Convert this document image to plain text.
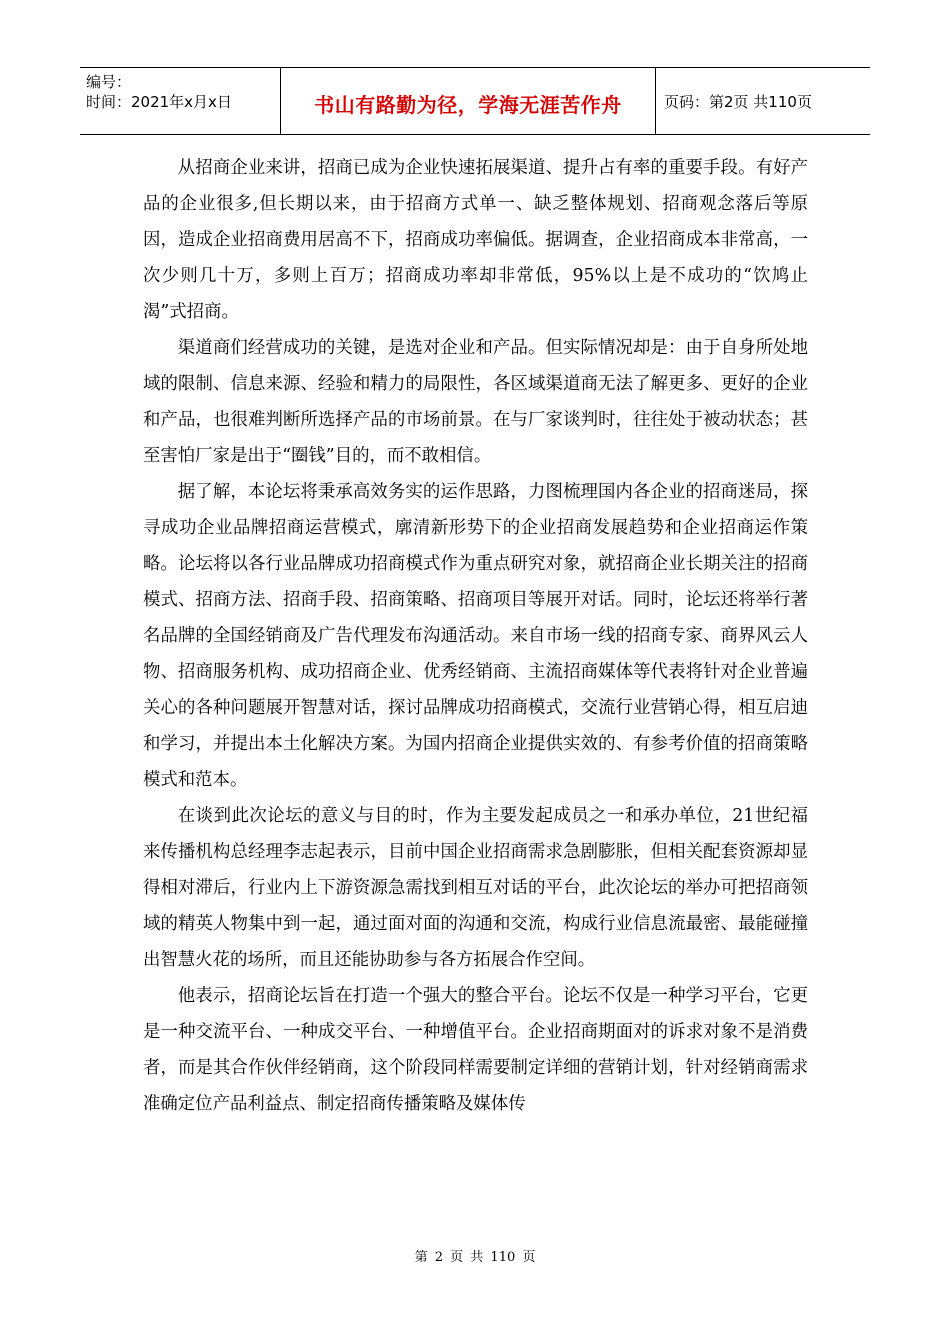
编号：
时间：2021年x月x日	书山有路勤为径，学海无涯苦作舟	页码：第2页 共110页

从招商企业来讲，招商已成为企业快速拓展渠道、提升占有率的重要手段。有好产品的企业很多,但长期以来，由于招商方式单一、缺乏整体规划、招商观念落后等原因，造成企业招商费用居高不下，招商成功率偏低。据调查，企业招商成本非常高，一次少则几十万，多则上百万；招商成功率却非常低，95%以上是不成功的“饮鸠止渴”式招商。

渠道商们经营成功的关键，是选对企业和产品。但实际情况却是：由于自身所处地域的限制、信息来源、经验和精力的局限性，各区域渠道商无法了解更多、更好的企业和产品，也很难判断所选择产品的市场前景。在与厂家谈判时，往往处于被动状态；甚至害怕厂家是出于“圈钱”目的，而不敢相信。

据了解，本论坛将秉承高效务实的运作思路，力图梳理国内各企业的招商迷局，探寻成功企业品牌招商运营模式，廓清新形势下的企业招商发展趋势和企业招商运作策略。论坛将以各行业品牌成功招商模式作为重点研究对象，就招商企业长期关注的招商模式、招商方法、招商手段、招商策略、招商项目等展开对话。同时，论坛还将举行著名品牌的全国经销商及广告代理发布沟通活动。来自市场一线的招商专家、商界风云人物、招商服务机构、成功招商企业、优秀经销商、主流招商媒体等代表将针对企业普遍关心的各种问题展开智慧对话，探讨品牌成功招商模式，交流行业营销心得，相互启迪和学习，并提出本土化解决方案。为国内招商企业提供实效的、有参考价值的招商策略模式和范本。

在谈到此次论坛的意义与目的时，作为主要发起成员之一和承办单位，21世纪福来传播机构总经理李志起表示，目前中国企业招商需求急剧膨胀，但相关配套资源却显得相对滞后，行业内上下游资源急需找到相互对话的平台，此次论坛的举办可把招商领域的精英人物集中到一起，通过面对面的沟通和交流，构成行业信息流最密、最能碰撞出智慧火花的场所，而且还能协助参与各方拓展合作空间。

他表示，招商论坛旨在打造一个强大的整合平台。论坛不仅是一种学习平台，它更是一种交流平台、一种成交平台、一种增值平台。企业招商期面对的诉求对象不是消费者，而是其合作伙伴经销商，这个阶段同样需要制定详细的营销计划，针对经销商需求准确定位产品利益点、制定招商传播策略及媒体传

第 2 页 共 110 页
